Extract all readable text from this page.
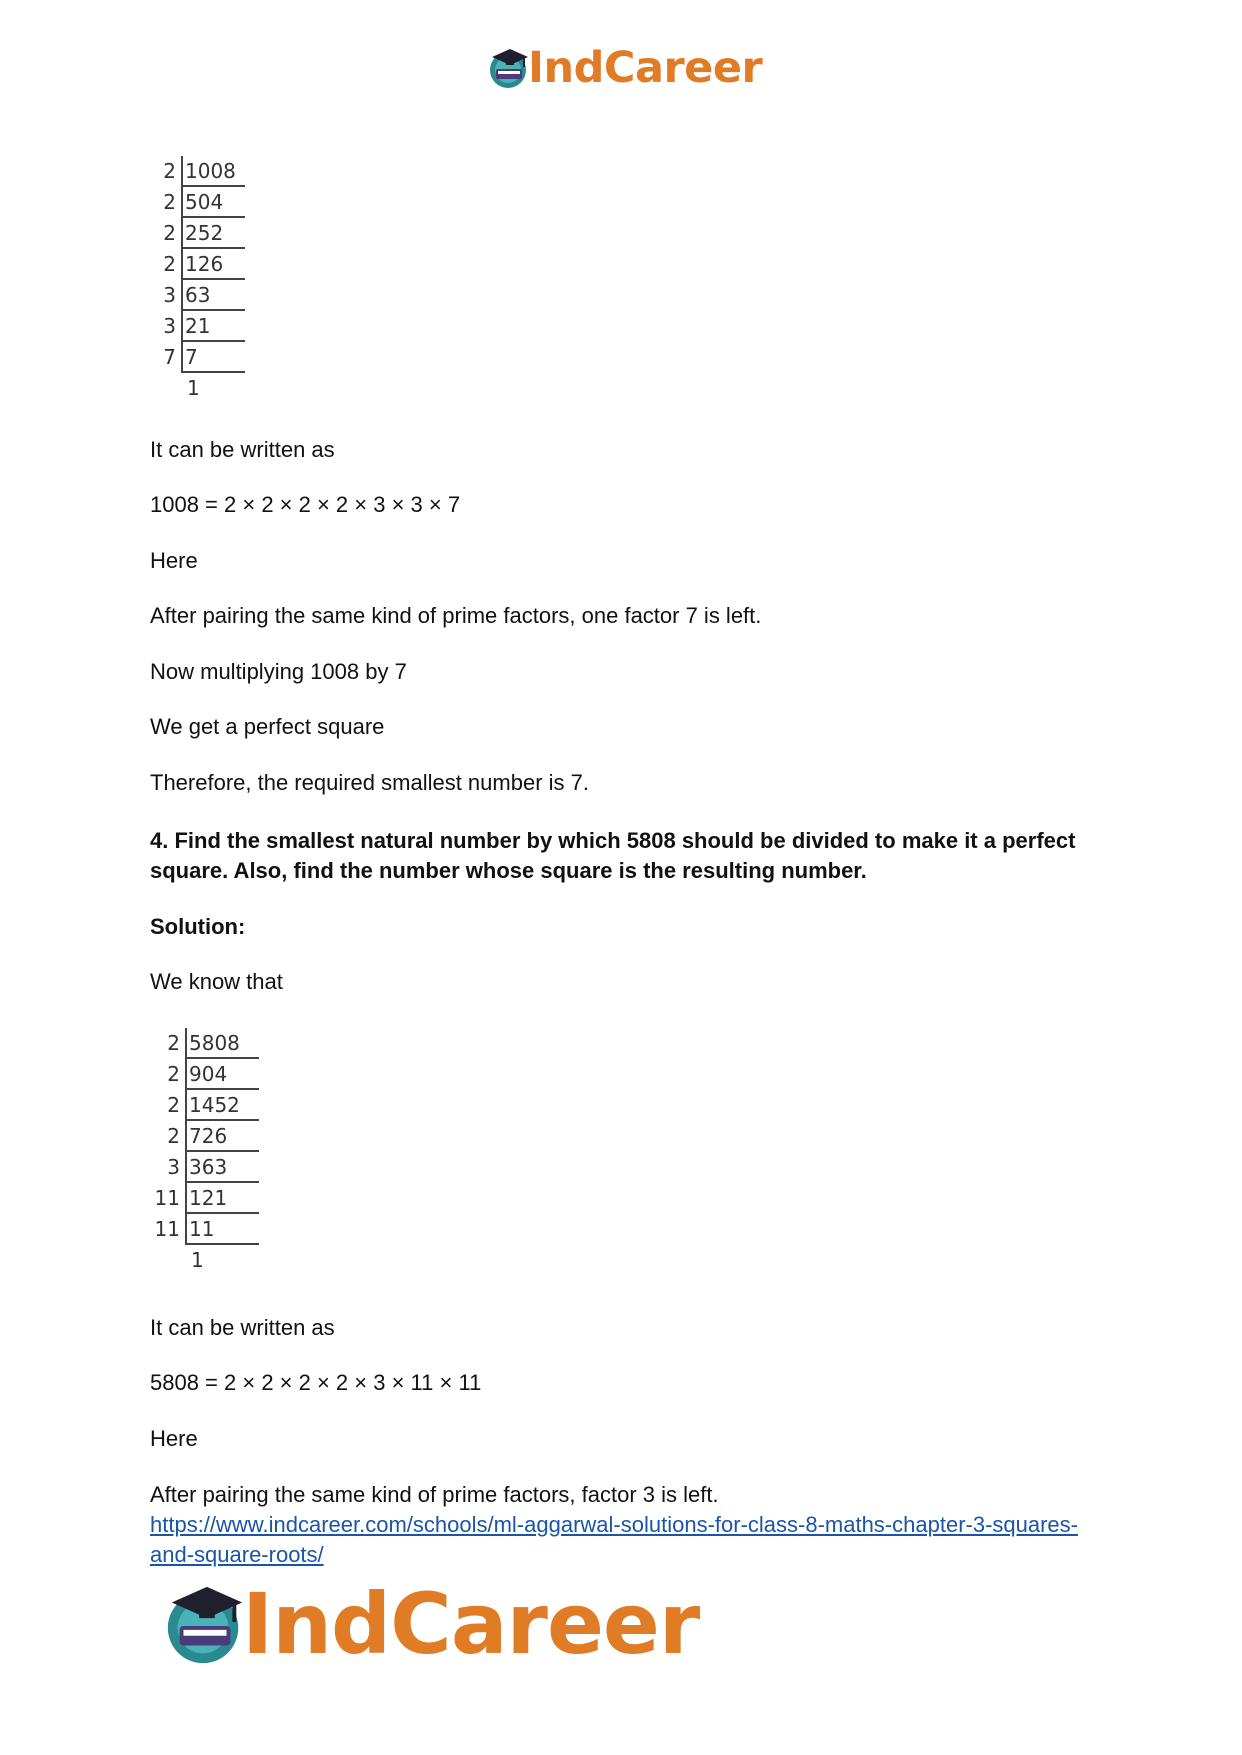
IndCareer
2 1008
2 504
2 252
2 126
3 63
3 21
7 7
1
It can be written as
1008 = 2 × 2 × 2 × 2 × 3 × 3 × 7
Here
After pairing the same kind of prime factors, one factor 7 is left.
Now multiplying 1008 by 7
We get a perfect square
Therefore, the required smallest number is 7.
4. Find the smallest natural number by which 5808 should be divided to make it a perfect square. Also, find the number whose square is the resulting number.
Solution:
We know that
2 5808
2 904
2 1452
2 726
3 363
11 121
11 11
1
It can be written as
5808 = 2 × 2 × 2 × 2 × 3 × 11 × 11
Here
After pairing the same kind of prime factors, factor 3 is left.
https://www.indcareer.com/schools/ml-aggarwal-solutions-for-class-8-maths-chapter-3-squares-and-square-roots/
IndCareer
